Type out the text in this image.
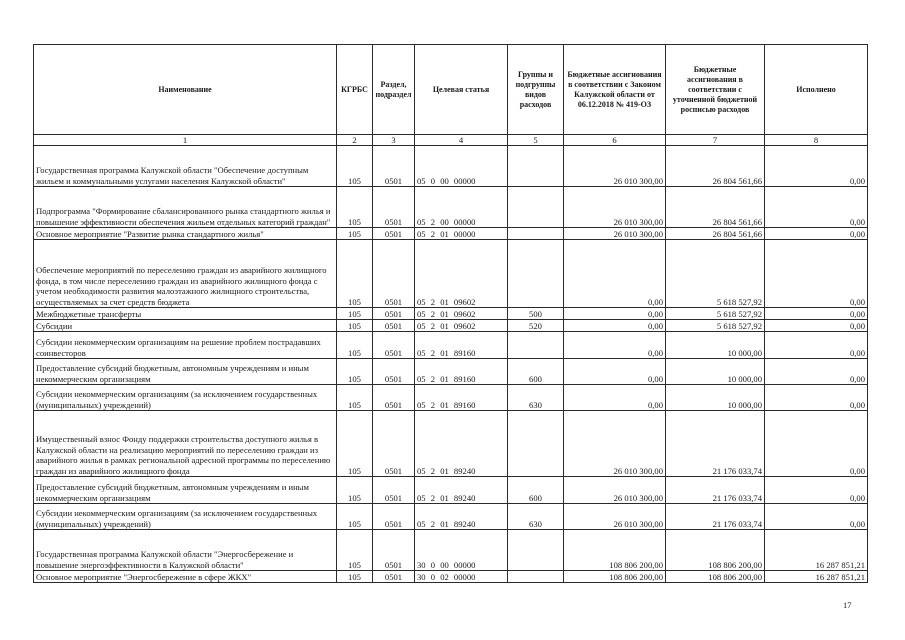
Наименование	КГРБС	Раздел, подраздел	Целевая статья	Группы и подгруппы видов расходов	Бюджетные ассигнования в соответствии с Законом Калужской области от 06.12.2018 № 419-ОЗ	Бюджетные ассигнования в соответствии с уточненной бюджетной росписью расходов	Исполнено
1	2	3	4	5	6	7	8
Государственная программа Калужской области "Обеспечение доступным жильем и коммунальными услугами населения Калужской области"	105	0501	05 0 00 00000		26 010 300,00	26 804 561,66	0,00
Подпрограмма "Формирование сбалансированного рынка стандартного жилья и повышение эффективности обеспечения жильем отдельных категорий граждан"	105	0501	05 2 00 00000		26 010 300,00	26 804 561,66	0,00
Основное мероприятие "Развитие рынка стандартного жилья"	105	0501	05 2 01 00000		26 010 300,00	26 804 561,66	0,00
Обеспечение мероприятий по переселению граждан из аварийного жилищного фонда, в том числе переселению граждан из аварийного жилищного фонда с учетом необходимости развития малоэтажного жилищного строительства, осуществляемых за счет средств бюджета	105	0501	05 2 01 09602		0,00	5 618 527,92	0,00
Межбюджетные трансферты	105	0501	05 2 01 09602	500	0,00	5 618 527,92	0,00
Субсидии	105	0501	05 2 01 09602	520	0,00	5 618 527,92	0,00
Субсидии некоммерческим организациям на решение проблем пострадавших соинвесторов	105	0501	05 2 01 89160		0,00	10 000,00	0,00
Предоставление субсидий бюджетным, автономным учреждениям и иным некоммерческим организациям	105	0501	05 2 01 89160	600	0,00	10 000,00	0,00
Субсидии некоммерческим организациям (за исключением государственных (муниципальных) учреждений)	105	0501	05 2 01 89160	630	0,00	10 000,00	0,00
Имущественный взнос Фонду поддержки строительства доступного жилья в Калужской области на реализацию мероприятий по переселению граждан из аварийного жилья в рамках региональной адресной программы по переселению граждан из аварийного жилищного фонда	105	0501	05 2 01 89240		26 010 300,00	21 176 033,74	0,00
Предоставление субсидий бюджетным, автономным учреждениям и иным некоммерческим организациям	105	0501	05 2 01 89240	600	26 010 300,00	21 176 033,74	0,00
Субсидии некоммерческим организациям (за исключением государственных (муниципальных) учреждений)	105	0501	05 2 01 89240	630	26 010 300,00	21 176 033,74	0,00
Государственная программа Калужской области "Энергосбережение и повышение энергоэффективности в Калужской области"	105	0501	30 0 00 00000		108 806 200,00	108 806 200,00	16 287 851,21
Основное мероприятие "Энергосбережение в сфере ЖКХ"	105	0501	30 0 02 00000		108 806 200,00	108 806 200,00	16 287 851,21
17
